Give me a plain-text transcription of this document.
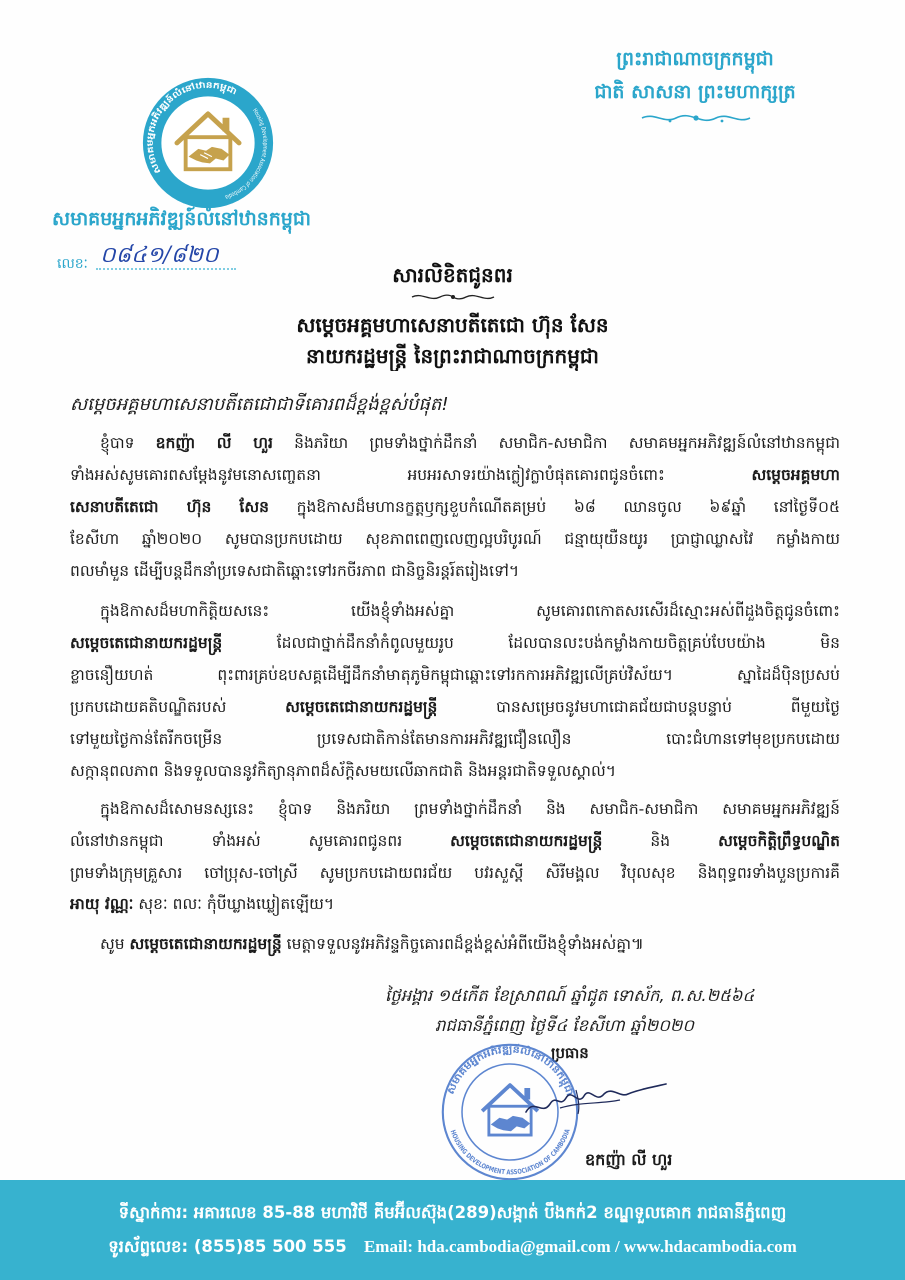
សមាគមអ្នកអភិវឌ្ឍន៍លំនៅឋានកម្ពុជា
Housing Development Association of Cambodia
សមាគមអ្នកអភិវឌ្ឍន៍លំនៅឋានកម្ពុជា
លេខៈ ០៨៤១/៨២០
ព្រះរាជាណាចក្រកម្ពុជា
ជាតិ សាសនា ព្រះមហាក្សត្រ
សារលិខិតជូនពរ
សម្តេចអគ្គមហាសេនាបតីតេជោ ហ៊ុន សែន
នាយករដ្ឋមន្ត្រី នៃព្រះរាជាណាចក្រកម្ពុជា
សម្តេចអគ្គមហាសេនាបតីតេជោជាទីគោរពដ៏ខ្ពង់ខ្ពស់បំផុត!
ខ្ញុំបាទ ឧកញ៉ា លី ហួរ និងភរិយា ព្រមទាំងថ្នាក់ដឹកនាំ សមាជិក-សមាជិកា សមាគមអ្នកអភិវឌ្ឍន៍លំនៅឋានកម្ពុជា
ទាំងអស់សូមគោរពសម្តែងនូវមនោសញ្ចេតនា អបអរសាទរយ៉ាងក្លៀវក្លាបំផុតគោរពជូនចំពោះ សម្តេចអគ្គមហា
សេនាបតីតេជោ ហ៊ុន សែន ក្នុងឱកាសដ៏មហានក្ខត្តឫក្សខួបកំណើតគម្រប់ ៦៨ ឈានចូល ៦៩ឆ្នាំ នៅថ្ងៃទី០៥
ខែសីហា ឆ្នាំ២០២០ សូមបានប្រកបដោយ សុខភាពពេញលេញល្អបរិបូរណ៍ ជន្មាយុយឺនយូរ ប្រាជ្ញាឈ្លាសវៃ កម្លាំងកាយ
ពលមាំមួន ដើម្បីបន្តដឹកនាំប្រទេសជាតិឆ្ពោះទៅរកចីរភាព ជានិច្ចនិរន្តរ៍តរៀងទៅ។
ក្នុងឱកាសដ៏មហាកិត្តិយសនេះ យើងខ្ញុំទាំងអស់គ្នា សូមគោរពកោតសរសើរដ៏ស្មោះអស់ពីដួងចិត្តជូនចំពោះ
សម្តេចតេជោនាយករដ្ឋមន្ត្រី ដែលជាថ្នាក់ដឹកនាំកំពូលមួយរូប ដែលបានលះបង់កម្លាំងកាយចិត្តគ្រប់បែបយ៉ាង មិន
ខ្លាចនឿយហត់ ពុះពារគ្រប់ឧបសគ្គដើម្បីដឹកនាំមាតុភូមិកម្ពុជាឆ្ពោះទៅរកការអភិវឌ្ឍលើគ្រប់វិស័យ។ ស្នាដៃដ៏ប៉ិនប្រសប់
ប្រកបដោយគតិបណ្ឌិតរបស់ សម្តេចតេជោនាយករដ្ឋមន្ត្រី បានសម្រេចនូវមហាជោគជ័យជាបន្តបន្ទាប់ ពីមួយថ្ងៃ
ទៅមួយថ្ងៃកាន់តែរីកចម្រើន ប្រទេសជាតិកាន់តែមានការអភិវឌ្ឍជឿនលឿន បោះជំហានទៅមុខប្រកបដោយ
សក្កានុពលភាព និងទទួលបាននូវកិត្យានុភាពដ៏ស័ក្តិសមយលើឆាកជាតិ និងអន្តរជាតិទទួលស្គាល់។
ក្នុងឱកាសដ៏សោមនស្សនេះ ខ្ញុំបាទ និងភរិយា ព្រមទាំងថ្នាក់ដឹកនាំ និង សមាជិក-សមាជិកា សមាគមអ្នកអភិវឌ្ឍន៍
លំនៅឋានកម្ពុជា ទាំងអស់ សូមគោរពជូនពរ សម្តេចតេជោនាយករដ្ឋមន្ត្រី និង សម្តេចកិត្តិព្រឹទ្ធបណ្ឌិត
ព្រមទាំងក្រុមគ្រួសារ ចៅប្រុស-ចៅស្រី សូមប្រកបដោយពរជ័យ បវរសួស្តី សិរីមង្គល វិបុលសុខ និងពុទ្ធពរទាំងបួនប្រការគឺ
អាយុ វណ្ណៈ សុខៈ ពលៈ កុំបីឃ្លាងឃ្លៀតឡើយ។
សូម សម្តេចតេជោនាយករដ្ឋមន្ត្រី មេត្តាទទួលនូវអភិវន្ទកិច្ចគោរពដ៏ខ្ពង់ខ្ពស់អំពីយើងខ្ញុំទាំងអស់គ្នា៕
ថ្ងៃអង្គារ ១៥កើត ខែស្រាពណ៍ ឆ្នាំជូត ទោស័ក, ព.ស.២៥៦៤
រាជធានីភ្នំពេញ ថ្ងៃទី៤ ខែសីហា ឆ្នាំ២០២០
ប្រធាន
សមាគមអ្នកអភិវឌ្ឍន៍លំនៅឋានកម្ពុជា
HOUSING DEVELOPMENT ASSOCIATION OF CAMBODIA
ឧកញ៉ា លី ហួរ
ទីស្នាក់ការ: អគារលេខ 85-88 មហាវិថី គីមអ៊ីលស៊ុង(289)សង្កាត់ បឹងកក់2 ខណ្ឌទួលគោក រាជធានីភ្នំពេញ
ទូរស័ព្ទលេខ: (855)85 500 555 Email: hda.cambodia@gmail.com / www.hdacambodia.com
